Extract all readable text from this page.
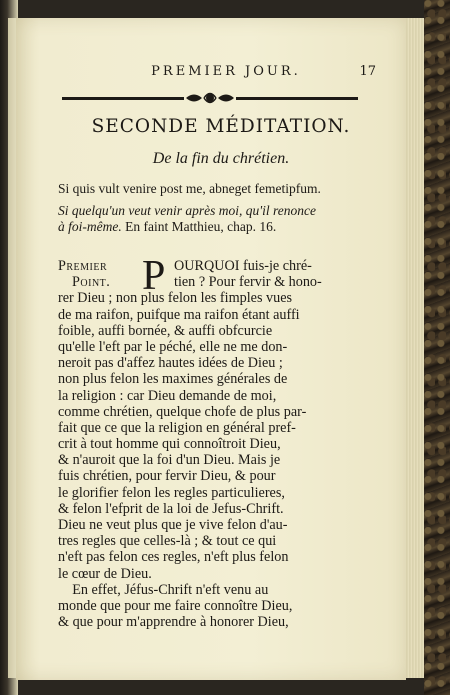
PREMIER JOUR.	17
SECONDE MÉDITATION.
De la fin du chrétien.
Si quis vult venire post me, abneget femetipfum.
Si quelqu'un veut venir après moi, qu'il renonce
à foi-même. En faint Matthieu, chap. 16.
Premier
Point. P OURQUOI fuis-je chré-
tien ? Pour fervir & hono-
rer Dieu ; non plus felon les fimples vues
de ma raifon, puifque ma raifon étant auffi
foible, auffi bornée, & auffi obfcurcie
qu'elle l'eft par le péché, elle ne me don-
neroit pas d'affez hautes idées de Dieu ;
non plus felon les maximes générales de
la religion : car Dieu demande de moi,
comme chrétien, quelque chofe de plus par-
fait que ce que la religion en général pref-
crit à tout homme qui connoîtroit Dieu,
& n'auroit que la foi d'un Dieu. Mais je
fuis chrétien, pour fervir Dieu, & pour
le glorifier felon les regles particulieres,
& felon l'efprit de la loi de Jefus-Chrift.
Dieu ne veut plus que je vive felon d'au-
tres regles que celles-là ; & tout ce qui
n'eft pas felon ces regles, n'eft plus felon
le cœur de Dieu.
En effet, Jéfus-Chrift n'eft venu au
monde que pour me faire connoître Dieu,
& que pour m'apprendre à honorer Dieu,
